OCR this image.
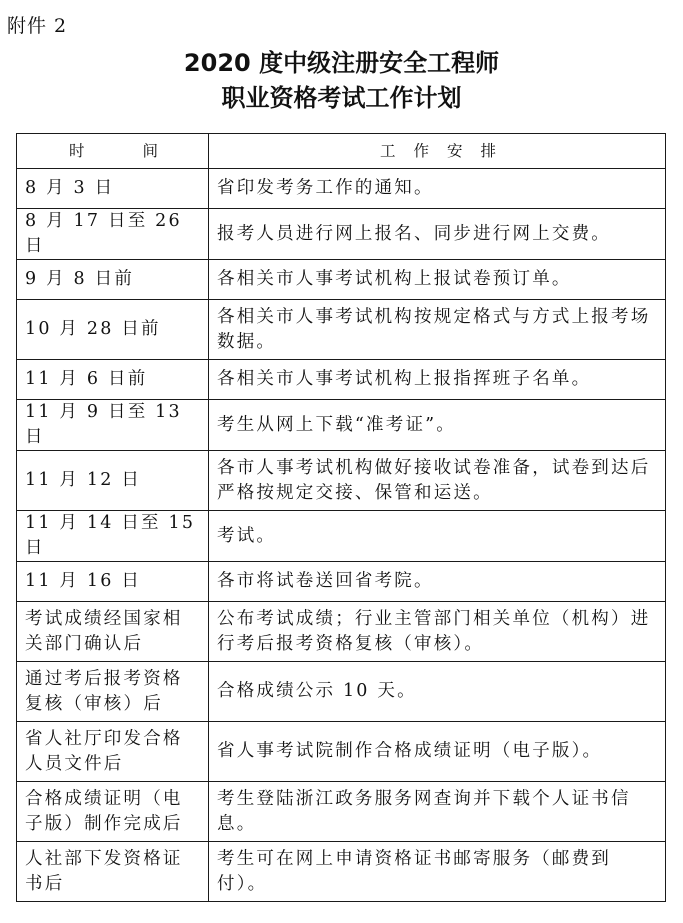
附件 2
2020 度中级注册安全工程师
职业资格考试工作计划
时间	工作安排
8 月 3 日	省印发考务工作的通知。
8 月 17 日至 26 日	报考人员进行网上报名、同步进行网上交费。
9 月 8 日前	各相关市人事考试机构上报试卷预订单。
10 月 28 日前	各相关市人事考试机构按规定格式与方式上报考场数据。
11 月 6 日前	各相关市人事考试机构上报指挥班子名单。
11 月 9 日至 13 日	考生从网上下载“准考证”。
11 月 12 日	各市人事考试机构做好接收试卷准备，试卷到达后严格按规定交接、保管和运送。
11 月 14 日至 15 日	考试。
11 月 16 日	各市将试卷送回省考院。
考试成绩经国家相关部门确认后	公布考试成绩；行业主管部门相关单位（机构）进行考后报考资格复核（审核）。
通过考后报考资格复核（审核）后	合格成绩公示 10 天。
省人社厅印发合格人员文件后	省人事考试院制作合格成绩证明（电子版）。
合格成绩证明（电子版）制作完成后	考生登陆浙江政务服务网查询并下载个人证书信息。
人社部下发资格证书后	考生可在网上申请资格证书邮寄服务（邮费到付）。
